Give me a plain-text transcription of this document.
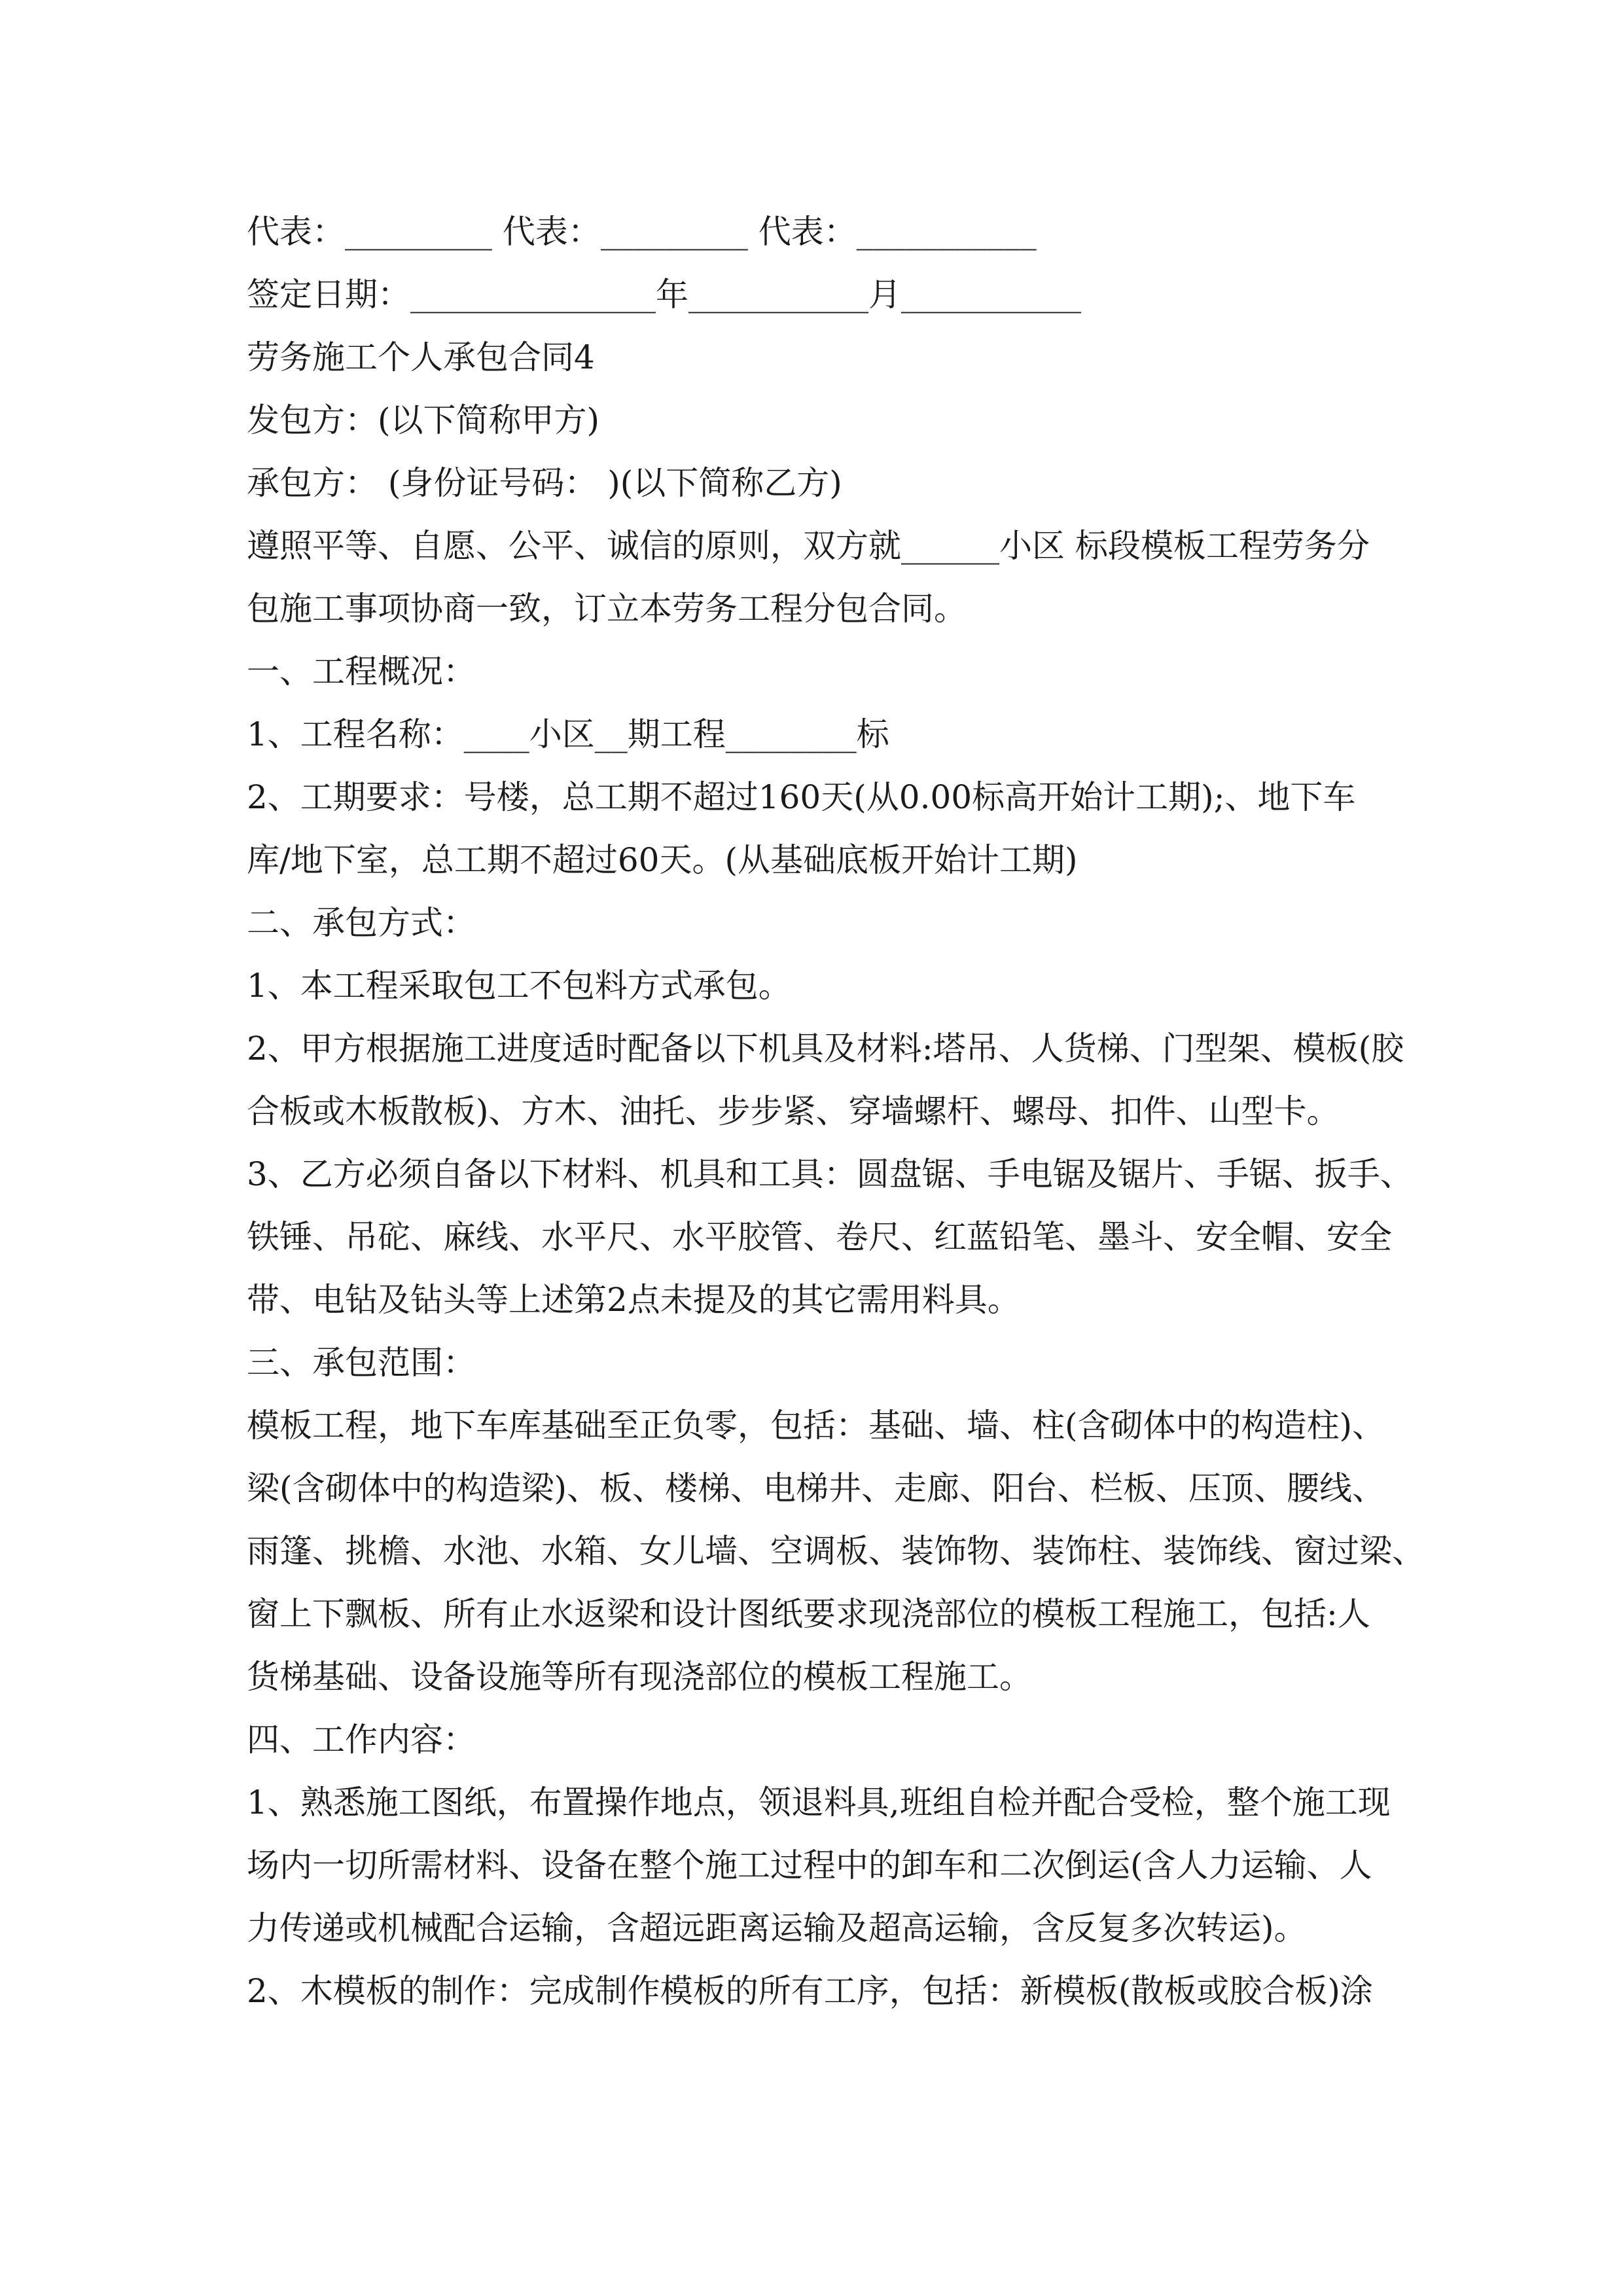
代表：_________ 代表：_________ 代表：___________
签定日期：_______________年___________月___________
劳务施工个人承包合同4
发包方：(以下简称甲方)
承包方： (身份证号码： )(以下简称乙方)
遵照平等、自愿、公平、诚信的原则，双方就______小区 标段模板工程劳务分
包施工事项协商一致，订立本劳务工程分包合同。
一、工程概况：
1、工程名称：____小区__期工程________标
2、工期要求：号楼，总工期不超过160天(从0.00标高开始计工期);、地下车
库/地下室，总工期不超过60天。(从基础底板开始计工期)
二、承包方式：
1、本工程采取包工不包料方式承包。
2、甲方根据施工进度适时配备以下机具及材料:塔吊、人货梯、门型架、模板(胶
合板或木板散板)、方木、油托、步步紧、穿墙螺杆、螺母、扣件、山型卡。
3、乙方必须自备以下材料、机具和工具：圆盘锯、手电锯及锯片、手锯、扳手、
铁锤、吊砣、麻线、水平尺、水平胶管、卷尺、红蓝铅笔、墨斗、安全帽、安全
带、电钻及钻头等上述第2点未提及的其它需用料具。
三、承包范围：
模板工程，地下车库基础至正负零，包括：基础、墙、柱(含砌体中的构造柱)、
梁(含砌体中的构造梁)、板、楼梯、电梯井、走廊、阳台、栏板、压顶、腰线、
雨篷、挑檐、水池、水箱、女儿墙、空调板、装饰物、装饰柱、装饰线、窗过梁、
窗上下飘板、所有止水返梁和设计图纸要求现浇部位的模板工程施工，包括:人
货梯基础、设备设施等所有现浇部位的模板工程施工。
四、工作内容：
1、熟悉施工图纸，布置操作地点，领退料具,班组自检并配合受检，整个施工现
场内一切所需材料、设备在整个施工过程中的卸车和二次倒运(含人力运输、人
力传递或机械配合运输，含超远距离运输及超高运输，含反复多次转运)。
2、木模板的制作：完成制作模板的所有工序，包括：新模板(散板或胶合板)涂
